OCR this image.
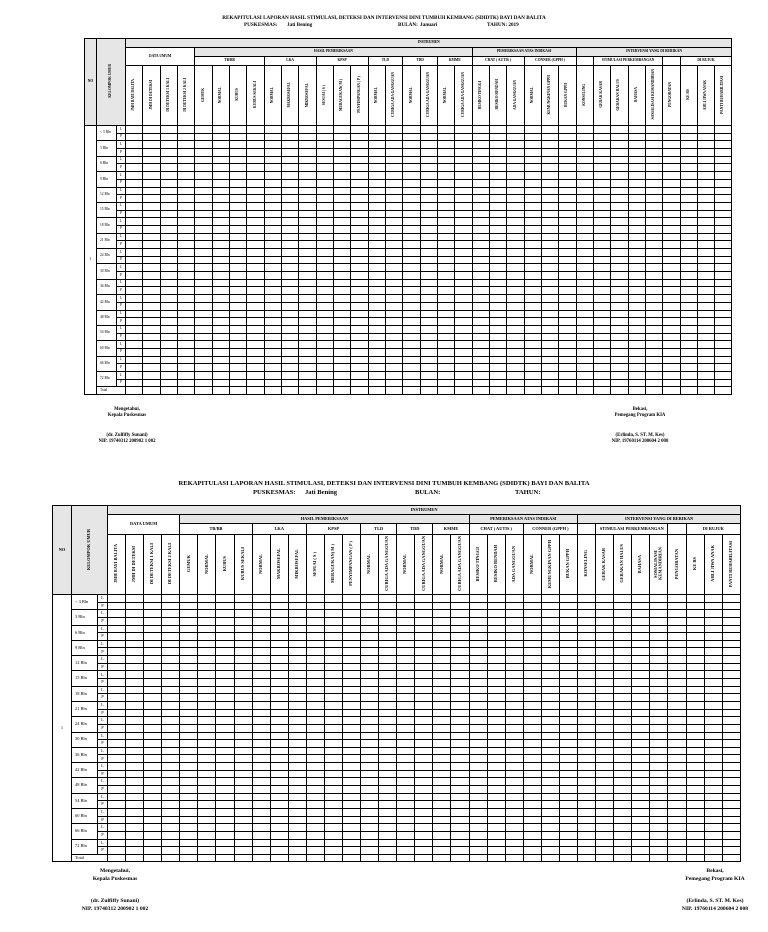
REKAPITULASI LAPORAN HASIL STIMULASI, DETEKSI DAN INTERVENSI DINI TUMBUH KEMBANG (SDIDTK) BAYI DAN BALITA
PUSKESMAS: Jati Bening	BULAN: Januari	TAHUN: 2019
NO	KELOMPOK UMUR		INSTRUMEN																																		
			DATA UMUM				HASIL PEMERIKSAAN																PEMERIKSAAN ATAS INDIKASI						INTERVENSI YANG DI BERIKAN								
							TB/BB				LKA			KPSP			TLD		TDD		KMME		CHAT ( AUTIS )			CONNER (GPPH )				STIMULASI PERKEMBANGAN					DI RUJUK		
			JMH BAYI BALITA	JMH DI DETEKSI	DI DETEKSI 1 KALI	DI DETEKSI 2 KALI	GEMUK	NORMAL	KURUS	KURUS SEKALI	NORMAL	MAKROSEFAL	MIKROSEFAL	SESUAI ( S )	MERAGUKAN( M )	PENYIMPANGAN ( P )	NORMAL	CURIGA ADA GANGGUAN	NORMAL	CURIGA ADA GANGGUAN	NORMAL	CURIGA ADA GANGGUAN	RESIKO TINGGI	RESIKO RENDAH	ADA GANGGUAN	NORMAL	KEMUNGKINAN GPPH	BUKAN GPPH	KONSELING	GERAK KASAR	GERAKAN HALUS	BAHASA	SOSIALISASI KEMANDIRIAN	PENGOBATAN	KE RS	AHLI JIWA ANAK	PANTI REHABILITASI
1	< 3 Bln	L																																			
		P																																			
	3 Bln	L																																			
		P																																			
	6 Bln	L																																			
		P																																			
	9 Bln	L																																			
		P																																			
	12 Bln	L																																			
		P																																			
	15 Bln	L																																			
		P																																			
	18 Bln	L																																			
		P																																			
	21 Bln	L																																			
		P																																			
	24 Bln	L																																			
		P																																			
	30 Bln	L																																			
		P																																			
	36 Bln	L																																			
		P																																			
	42 Bln	L																																			
		P																																			
	48 Bln	L																																			
		P																																			
	54 Bln	L																																			
		P																																			
	60 Bln	L																																			
		P																																			
	66 Bln	L																																			
		P																																			
	72 Bln	L																																			
		P																																			
	Total																																				
Mengetahui,
Kepala Puskesmas

(dr. Zulfiffy Sunani)
NIP. 19740312 200902 1 002
Bekasi,
Pemegang Program KIA

(Erlinda, S. ST. M. Kes)
NIP. 19760114 200604 2 008
REKAPITULASI LAPORAN HASIL STIMULASI, DETEKSI DAN INTERVENSI DINI TUMBUH KEMBANG (SDIDTK) BAYI DAN BALITA
PUSKESMAS: Jati Bening	BULAN:	TAHUN:
NO	KELOMPOK UMUR		INSTRUMEN																																		
			DATA UMUM				HASIL PEMERIKSAAN																PEMERIKSAAN ATAS INDIKASI						INTERVENSI YANG DI BERIKAN								
							TB/BB				LKA			KPSP			TLD		TDD		KMME		CHAT ( AUTIS )			CONNER (GPPH )				STIMULASI PERKEMBANGAN					DI RUJUK		
			JMH BAYI BALITA	JMH DI DETEKSI	DI DETEKSI 1 KALI	DI DETEKSI 2 KALI	GEMUK	NORMAL	KURUS	KURUS SEKALI	NORMAL	MAKROSEFAL	MIKROSEFAL	SESUAI ( S )	MERAGUKAN( M )	PENYIMPANGAN ( P )	NORMAL	CURIGA ADA GANGGUAN	NORMAL	CURIGA ADA GANGGUAN	NORMAL	CURIGA ADA GANGGUAN	RESIKO TINGGI	RESIKO RENDAH	ADA GANGGUAN	NORMAL	KEMUNGKINAN GPPH	BUKAN GPPH	KONSELING	GERAK KASAR	GERAKAN HALUS	BAHASA	SOSIALISASI KEMANDIRIAN	PENGOBATAN	KE RS	AHLI JIWA ANAK	PANTI REHABILITASI
1	< 3 Bln	L																																			
		P																																			
	3 Bln	L																																			
		P																																			
	6 Bln	L																																			
		P																																			
	9 Bln	L																																			
		P																																			
	12 Bln	L																																			
		P																																			
	15 Bln	L																																			
		P																																			
	18 Bln	L																																			
		P																																			
	21 Bln	L																																			
		P																																			
	24 Bln	L																																			
		P																																			
	30 Bln	L																																			
		P																																			
	36 Bln	L																																			
		P																																			
	42 Bln	L																																			
		P																																			
	48 Bln	L																																			
		P																																			
	54 Bln	L																																			
		P																																			
	60 Bln	L																																			
		P																																			
	66 Bln	L																																			
		P																																			
	72 Bln	L																																			
		P																																			
	Total																																				
Mengetahui,
Kepala Puskesmas

(dr. Zulfiffy Sunani)
NIP. 19740312 200902 1 002
Bekasi,
Pemegang Program KIA

(Erlinda, S. ST. M. Kes)
NIP. 19760114 200604 2 008
